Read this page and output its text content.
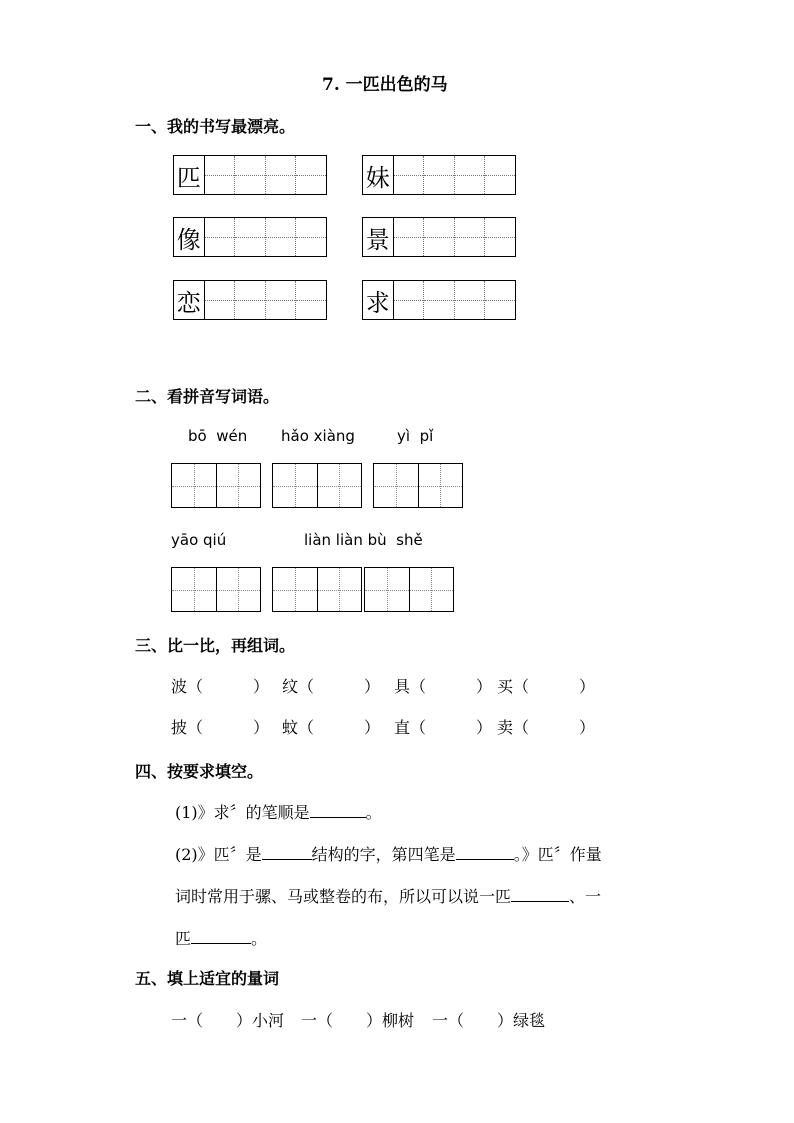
7. 一匹出色的马
一、我的书写最漂亮。
匹	妹
像	景
恋	求
二、看拼音写词语。
bō  wén hǎo xiàng	yì  pǐ
yāo qiú	liàn liàn bù  shě
三、比一比，再组词。
波（	） 纹（	） 具（	） 买（	）
披（	） 蚊（	） 直（	） 卖（	）
四、按要求填空。
(1)》求〞的笔顺是	。
(2)》匹〞是	结构的字，第四笔是	。》匹〞作量
词时常用于骡、马或整卷的布，所以可以说一匹	、一
匹	。
五、填上适宜的量词
一（ ）小河 一（ ）柳树 一（ ）绿毯
